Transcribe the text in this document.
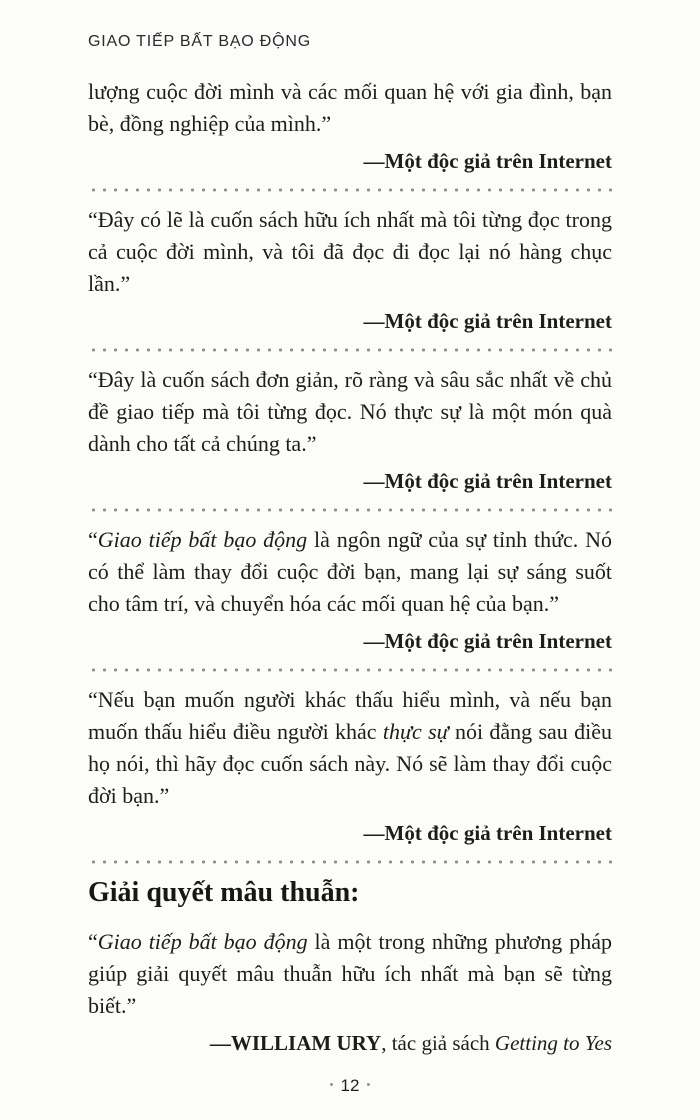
GIAO TIẾP BẤT BẠO ĐỘNG

lượng cuộc đời mình và các mối quan hệ với gia đình, bạn bè, đồng nghiệp của mình.”

—Một độc giả trên Internet

“Đây có lẽ là cuốn sách hữu ích nhất mà tôi từng đọc trong cả cuộc đời mình, và tôi đã đọc đi đọc lại nó hàng chục lần.”

—Một độc giả trên Internet

“Đây là cuốn sách đơn giản, rõ ràng và sâu sắc nhất về chủ đề giao tiếp mà tôi từng đọc. Nó thực sự là một món quà dành cho tất cả chúng ta.”

—Một độc giả trên Internet

“Giao tiếp bất bạo động là ngôn ngữ của sự tỉnh thức. Nó có thể làm thay đổi cuộc đời bạn, mang lại sự sáng suốt cho tâm trí, và chuyển hóa các mối quan hệ của bạn.”

—Một độc giả trên Internet

“Nếu bạn muốn người khác thấu hiểu mình, và nếu bạn muốn thấu hiểu điều người khác thực sự nói đằng sau điều họ nói, thì hãy đọc cuốn sách này. Nó sẽ làm thay đổi cuộc đời bạn.”

—Một độc giả trên Internet

Giải quyết mâu thuẫn:

“Giao tiếp bất bạo động là một trong những phương pháp giúp giải quyết mâu thuẫn hữu ích nhất mà bạn sẽ từng biết.”

—WILLIAM URY, tác giả sách Getting to Yes

• 12 •
